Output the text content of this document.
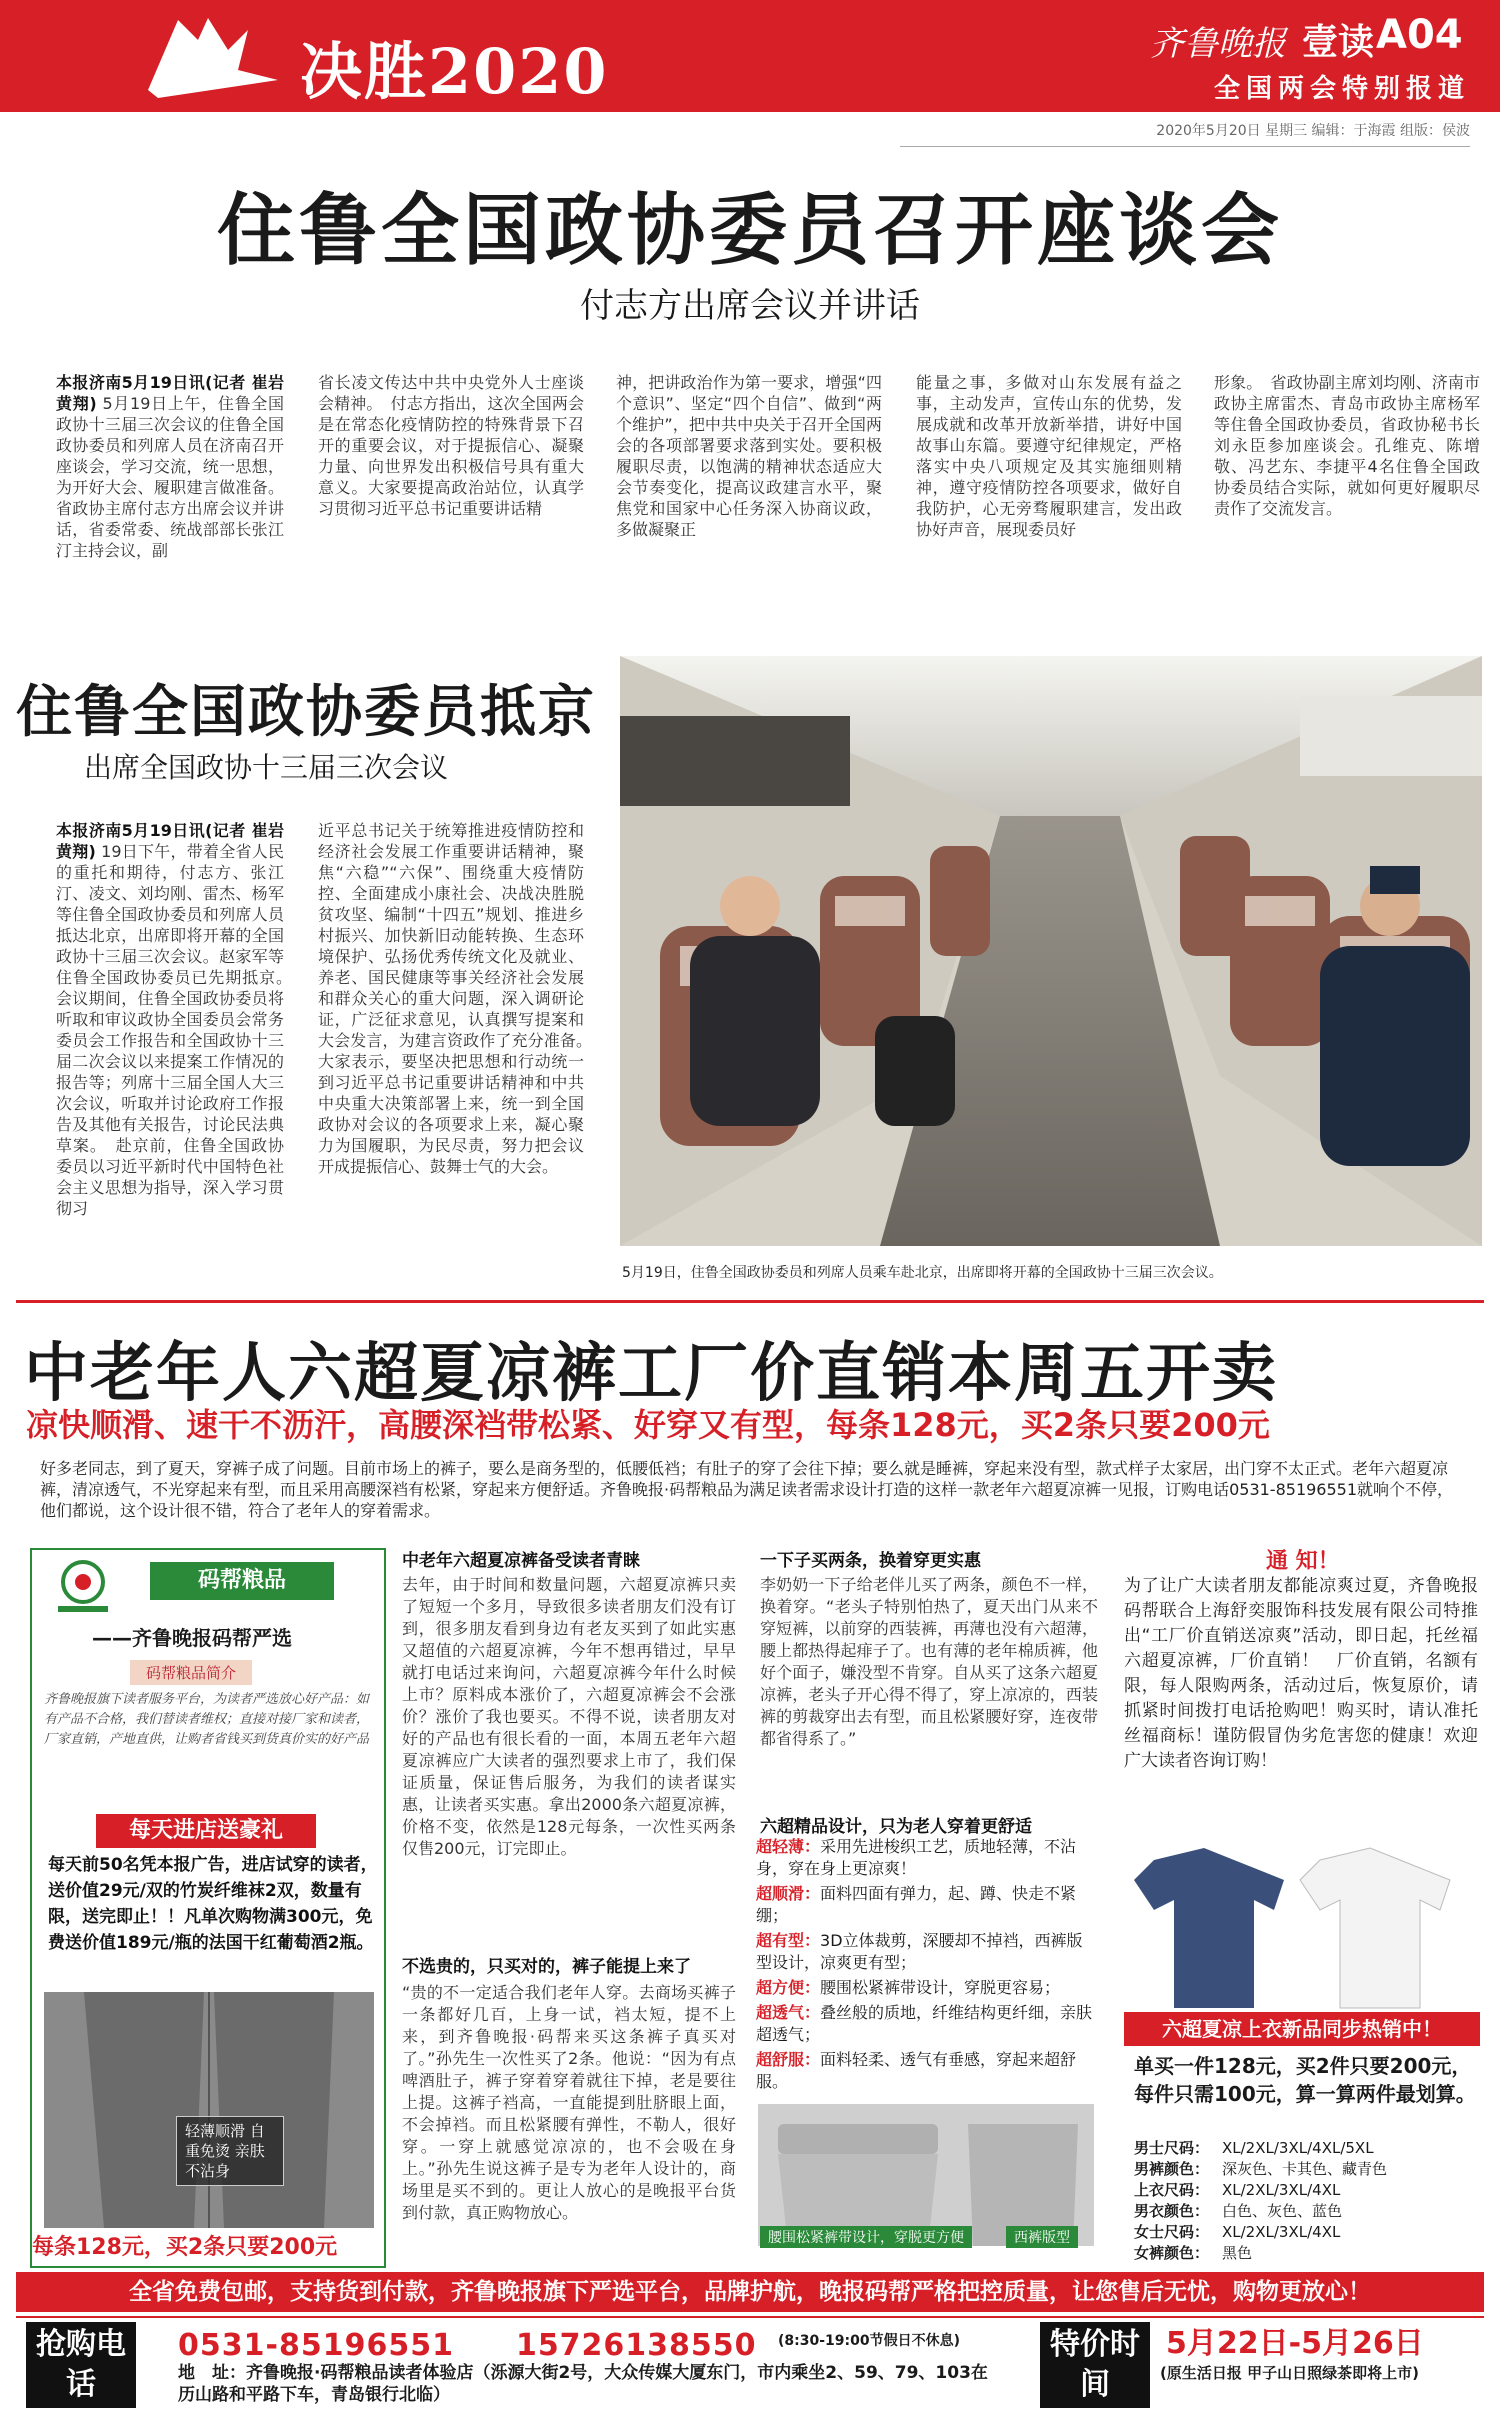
决胜2020	齐鲁晚报 壹读 A04
全国两会特别报道
2020年5月20日 星期三 编辑：于海霞 组版：侯波
住鲁全国政协委员召开座谈会
付志方出席会议并讲话
本报济南5月19日讯(记者 崔岩 黄翔) 5月19日上午，住鲁全国政协十三届三次会议的住鲁全国政协委员和列席人员在济南召开座谈会，学习交流，统一思想，为开好大会、履职建言做准备。省政协主席付志方出席会议并讲话，省委常委、统战部部长张江汀主持会议，副
省长凌文传达中共中央党外人士座谈会精神。　付志方指出，这次全国两会是在常态化疫情防控的特殊背景下召开的重要会议，对于提振信心、凝聚力量、向世界发出积极信号具有重大意义。大家要提高政治站位，认真学习贯彻习近平总书记重要讲话精
神，把讲政治作为第一要求，增强“四个意识”、坚定“四个自信”、做到“两个维护”，把中共中央关于召开全国两会的各项部署要求落到实处。要积极履职尽责，以饱满的精神状态适应大会节奏变化，提高议政建言水平，聚焦党和国家中心任务深入协商议政，多做凝聚正
能量之事，多做对山东发展有益之事，主动发声，宣传山东的优势，发展成就和改革开放新举措，讲好中国故事山东篇。要遵守纪律规定，严格落实中央八项规定及其实施细则精神，遵守疫情防控各项要求，做好自我防护，心无旁骛履职建言，发出政协好声音，展现委员好
形象。　省政协副主席刘均刚、济南市政协主席雷杰、青岛市政协主席杨军等住鲁全国政协委员，省政协秘书长刘永臣参加座谈会。孔维克、陈增敬、冯艺东、李捷平4名住鲁全国政协委员结合实际，就如何更好履职尽责作了交流发言。
住鲁全国政协委员抵京
出席全国政协十三届三次会议
本报济南5月19日讯(记者 崔岩 黄翔) 19日下午，带着全省人民的重托和期待，付志方、张江汀、凌文、刘均刚、雷杰、杨军等住鲁全国政协委员和列席人员抵达北京，出席即将开幕的全国政协十三届三次会议。赵家军等住鲁全国政协委员已先期抵京。　会议期间，住鲁全国政协委员将听取和审议政协全国委员会常务委员会工作报告和全国政协十三届二次会议以来提案工作情况的报告等；列席十三届全国人大三次会议，听取并讨论政府工作报告及其他有关报告，讨论民法典草案。　赴京前，住鲁全国政协委员以习近平新时代中国特色社会主义思想为指导，深入学习贯彻习
近平总书记关于统筹推进疫情防控和经济社会发展工作重要讲话精神，聚焦“六稳”“六保”、围绕重大疫情防控、全面建成小康社会、决战决胜脱贫攻坚、编制“十四五”规划、推进乡村振兴、加快新旧动能转换、生态环境保护、弘扬优秀传统文化及就业、养老、国民健康等事关经济社会发展和群众关心的重大问题，深入调研论证，广泛征求意见，认真撰写提案和大会发言，为建言资政作了充分准备。　大家表示，要坚决把思想和行动统一到习近平总书记重要讲话精神和中共中央重大决策部署上来，统一到全国政协对会议的各项要求上来，凝心聚力为国履职，为民尽责，努力把会议开成提振信心、鼓舞士气的大会。
5月19日，住鲁全国政协委员和列席人员乘车赴北京，出席即将开幕的全国政协十三届三次会议。
中老年人六超夏凉裤工厂价直销本周五开卖
凉快顺滑、速干不沥汗，高腰深裆带松紧、好穿又有型，每条128元，买2条只要200元
好多老同志，到了夏天，穿裤子成了问题。目前市场上的裤子，要么是商务型的，低腰低裆；有肚子的穿了会往下掉；要么就是睡裤，穿起来没有型，款式样子太家居，出门穿不太正式。老年六超夏凉裤，清凉透气，不光穿起来有型，而且采用高腰深裆有松紧，穿起来方便舒适。齐鲁晚报·码帮粮品为满足读者需求设计打造的这样一款老年六超夏凉裤一见报，订购电话0531-85196551就响个不停，他们都说，这个设计很不错，符合了老年人的穿着需求。
码帮粮品
——齐鲁晚报码帮严选
码帮粮品简介
齐鲁晚报旗下读者服务平台，为读者严选放心好产品：如有产品不合格，我们替读者维权；直接对接厂家和读者，厂家直销，产地直供，让购者省钱买到货真价实的好产品
每天进店送豪礼
每天前50名凭本报广告，进店试穿的读者，送价值29元/双的竹炭纤维袜2双，数量有限，送完即止！！凡单次购物满300元，免费送价值189元/瓶的法国干红葡萄酒2瓶。
轻薄顺滑 自重免烫 亲肤不沾身
每条128元，买2条只要200元
中老年六超夏凉裤备受读者青睐
去年，由于时间和数量问题，六超夏凉裤只卖了短短一个多月，导致很多读者朋友们没有订到，很多朋友看到身边有老友买到了如此实惠又超值的六超夏凉裤，今年不想再错过，早早就打电话过来询问，六超夏凉裤今年什么时候上市？原料成本涨价了，六超夏凉裤会不会涨价？涨价了我也要买。不得不说，读者朋友对好的产品也有很长看的一面，本周五老年六超夏凉裤应广大读者的强烈要求上市了，我们保证质量，保证售后服务，为我们的读者谋实惠，让读者买实惠。拿出2000条六超夏凉裤，价格不变，依然是128元每条，一次性买两条仅售200元，订完即止。
不选贵的，只买对的，裤子能提上来了
“贵的不一定适合我们老年人穿。去商场买裤子一条都好几百，上身一试，裆太短，提不上来，到齐鲁晚报·码帮来买这条裤子真买对了。”孙先生一次性买了2条。他说：“因为有点啤酒肚子，裤子穿着穿着就往下掉，老是要往上提。这裤子裆高，一直能提到肚脐眼上面，不会掉裆。而且松紧腰有弹性，不勒人，很好穿。一穿上就感觉凉凉的，也不会吸在身上。”孙先生说这裤子是专为老年人设计的，商场里是买不到的。更让人放心的是晚报平台货到付款，真正购物放心。
一下子买两条，换着穿更实惠
李奶奶一下子给老伴儿买了两条，颜色不一样，换着穿。“老头子特别怕热了，夏天出门从来不穿短裤，以前穿的西装裤，再薄也没有六超薄，腰上都热得起痱子了。也有薄的老年棉质裤，他好个面子，嫌没型不肯穿。自从买了这条六超夏凉裤，老头子开心得不得了，穿上凉凉的，西装裤的剪裁穿出去有型，而且松紧腰好穿，连夜带都省得系了。”
六超精品设计，只为老人穿着更舒适
超轻薄：采用先进梭织工艺，质地轻薄，不沾身，穿在身上更凉爽！
超顺滑：面料四面有弹力，起、蹲、快走不紧绷；
超有型：3D立体裁剪，深腰却不掉裆，西裤版型设计，凉爽更有型；
超方便：腰围松紧裤带设计，穿脱更容易；
超透气：叠丝般的质地，纤维结构更纤细，亲肤超透气；
超舒服：面料轻柔、透气有垂感，穿起来超舒服。
腰围松紧裤带设计，穿脱更方便	西裤版型
通 知！
为了让广大读者朋友都能凉爽过夏，齐鲁晚报码帮联合上海舒奕服饰科技发展有限公司特推出“工厂价直销送凉爽”活动，即日起，托丝福六超夏凉裤，厂价直销！　厂价直销，名额有限，每人限购两条，活动过后，恢复原价，请抓紧时间拨打电话抢购吧！购买时，请认准托丝福商标！谨防假冒伪劣危害您的健康！欢迎广大读者咨询订购！
六超夏凉上衣新品同步热销中！
单买一件128元，买2件只要200元，每件只需100元，算一算两件最划算。
男士尺码： XL/2XL/3XL/4XL/5XL
男裤颜色： 深灰色、卡其色、藏青色
上衣尺码： XL/2XL/3XL/4XL
男衣颜色： 白色、灰色、蓝色
女士尺码： XL/2XL/3XL/4XL
女裤颜色： 黑色
全省免费包邮，支持货到付款，齐鲁晚报旗下严选平台，品牌护航，晚报码帮严格把控质量，让您售后无忧，购物更放心！
抢购电话
0531-85196551　　15726138550 (8:30-19:00节假日不休息)
地　址：齐鲁晚报·码帮粮品读者体验店（泺源大街2号，大众传媒大厦东门，市内乘坐2、59、79、103在历山路和平路下车，青岛银行北临）
特价时间
5月22日-5月26日
(原生活日报 甲子山日照绿茶即将上市)
